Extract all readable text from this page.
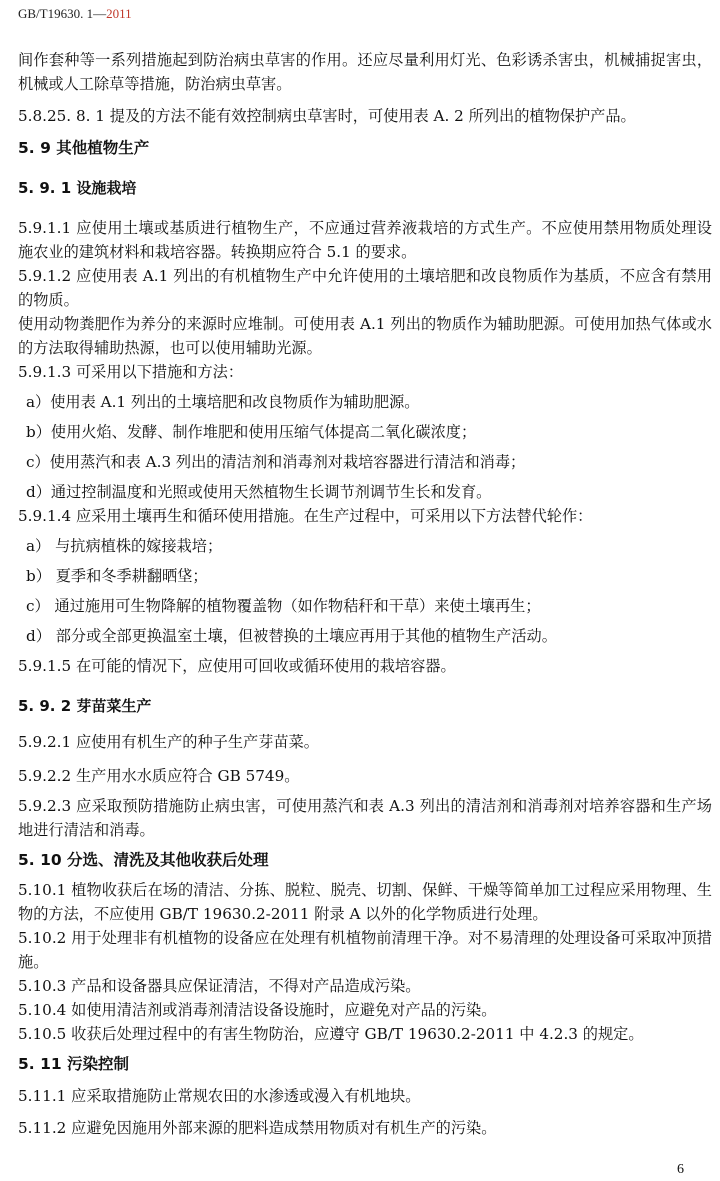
GB/T19630. 1—2011

间作套种等一系列措施起到防治病虫草害的作用。还应尽量利用灯光、色彩诱杀害虫，机械捕捉害虫，机械或人工除草等措施，防治病虫草害。

5.8.25. 8. 1 提及的方法不能有效控制病虫草害时，可使用表 A. 2 所列出的植物保护产品。

5. 9 其他植物生产
5. 9. 1 设施栽培

5.9.1.1 应使用土壤或基质进行植物生产，不应通过营养液栽培的方式生产。不应使用禁用物质处理设施农业的建筑材料和栽培容器。转换期应符合 5.1 的要求。

5.9.1.2 应使用表 A.1 列出的有机植物生产中允许使用的土壤培肥和改良物质作为基质，不应含有禁用的物质。

使用动物粪肥作为养分的来源时应堆制。可使用表 A.1 列出的物质作为辅助肥源。可使用加热气体或水的方法取得辅助热源，也可以使用辅助光源。

5.9.1.3 可采用以下措施和方法：

a）使用表 A.1 列出的土壤培肥和改良物质作为辅助肥源。

b）使用火焰、发酵、制作堆肥和使用压缩气体提高二氧化碳浓度；

c）使用蒸汽和表 A.3 列出的清洁剂和消毒剂对栽培容器进行清洁和消毒；

d）通过控制温度和光照或使用天然植物生长调节剂调节生长和发育。

5.9.1.4 应采用土壤再生和循环使用措施。在生产过程中，可采用以下方法替代轮作：

a） 与抗病植株的嫁接栽培；

b） 夏季和冬季耕翻晒垡；

c） 通过施用可生物降解的植物覆盖物（如作物秸秆和干草）来使土壤再生；

d） 部分或全部更换温室土壤，但被替换的土壤应再用于其他的植物生产活动。

5.9.1.5 在可能的情况下，应使用可回收或循环使用的栽培容器。

5. 9. 2 芽苗菜生产

5.9.2.1 应使用有机生产的种子生产芽苗菜。

5.9.2.2 生产用水水质应符合 GB 5749。

5.9.2.3 应采取预防措施防止病虫害，可使用蒸汽和表 A.3 列出的清洁剂和消毒剂对培养容器和生产场地进行清洁和消毒。

5. 10 分选、清洗及其他收获后处理

5.10.1 植物收获后在场的清洁、分拣、脱粒、脱壳、切割、保鲜、干燥等简单加工过程应采用物理、生物的方法，不应使用 GB/T 19630.2-2011 附录 A 以外的化学物质进行处理。

5.10.2 用于处理非有机植物的设备应在处理有机植物前清理干净。对不易清理的处理设备可采取冲顶措施。

5.10.3 产品和设备器具应保证清洁，不得对产品造成污染。

5.10.4 如使用清洁剂或消毒剂清洁设备设施时，应避免对产品的污染。

5.10.5 收获后处理过程中的有害生物防治，应遵守 GB/T 19630.2-2011 中 4.2.3 的规定。

5. 11 污染控制

5.11.1 应采取措施防止常规农田的水渗透或漫入有机地块。

5.11.2 应避免因施用外部来源的肥料造成禁用物质对有机生产的污染。

6
